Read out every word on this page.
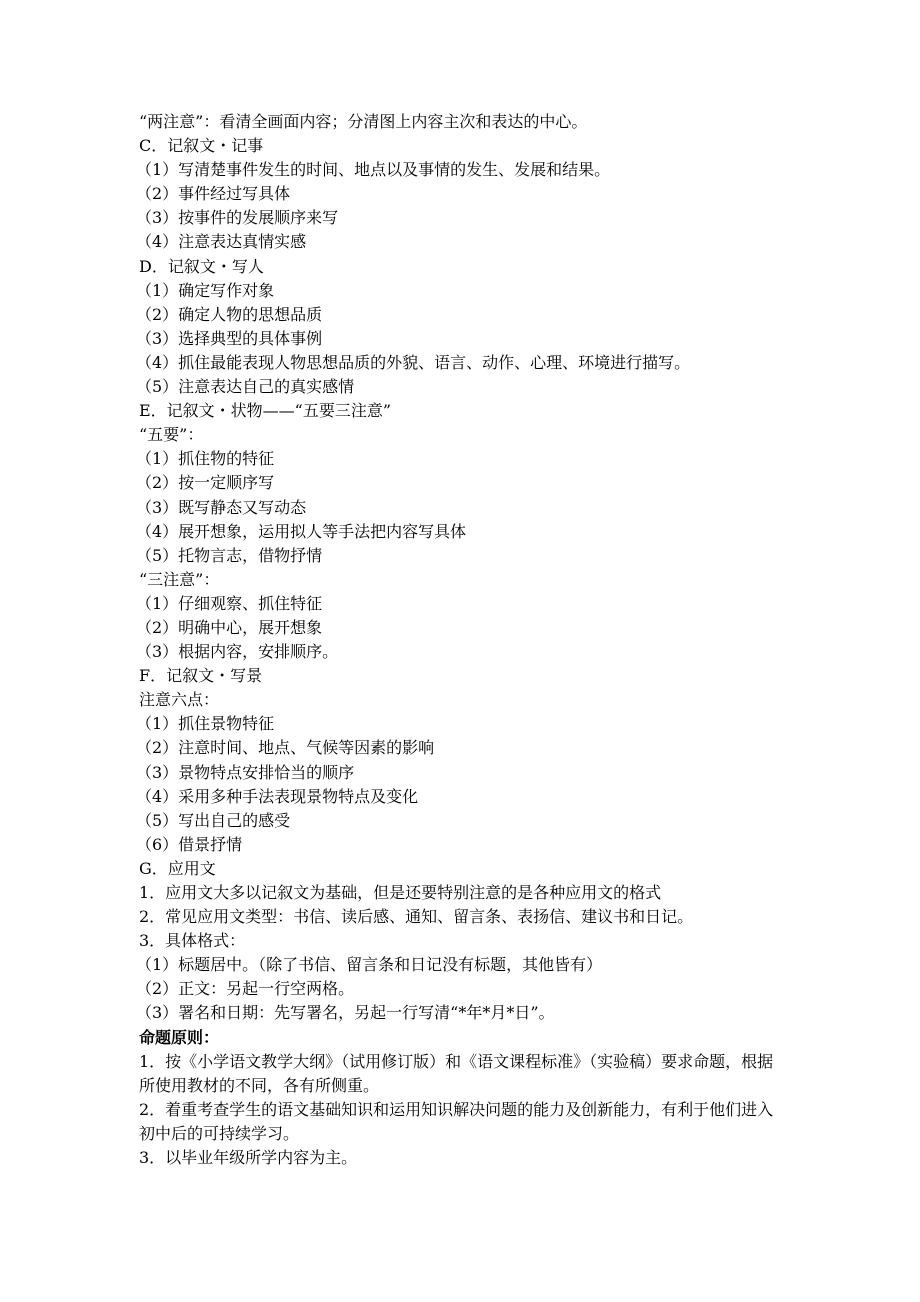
“两注意”：看清全画面内容；分清图上内容主次和表达的中心。
C．记叙文・记事
（1）写清楚事件发生的时间、地点以及事情的发生、发展和结果。
（2）事件经过写具体
（3）按事件的发展顺序来写
（4）注意表达真情实感
D．记叙文・写人
（1）确定写作对象
（2）确定人物的思想品质
（3）选择典型的具体事例
（4）抓住最能表现人物思想品质的外貌、语言、动作、心理、环境进行描写。
（5）注意表达自己的真实感情
E．记叙文・状物——“五要三注意”
“五要”：
（1）抓住物的特征
（2）按一定顺序写
（3）既写静态又写动态
（4）展开想象，运用拟人等手法把内容写具体
（5）托物言志，借物抒情
“三注意”：
（1）仔细观察、抓住特征
（2）明确中心，展开想象
（3）根据内容，安排顺序。
F．记叙文・写景
注意六点：
（1）抓住景物特征
（2）注意时间、地点、气候等因素的影响
（3）景物特点安排恰当的顺序
（4）采用多种手法表现景物特点及变化
（5）写出自己的感受
（6）借景抒情
G．应用文
1．应用文大多以记叙文为基础，但是还要特别注意的是各种应用文的格式
2．常见应用文类型：书信、读后感、通知、留言条、表扬信、建议书和日记。
3．具体格式：
（1）标题居中。（除了书信、留言条和日记没有标题，其他皆有）
（2）正文：另起一行空两格。
（3）署名和日期：先写署名，另起一行写清“*年*月*日”。
命题原则：
1．按《小学语文教学大纲》（试用修订版）和《语文课程标准》（实验稿）要求命题，根据所使用教材的不同，各有所侧重。
2．着重考查学生的语文基础知识和运用知识解决问题的能力及创新能力，有利于他们进入初中后的可持续学习。
3．以毕业年级所学内容为主。
